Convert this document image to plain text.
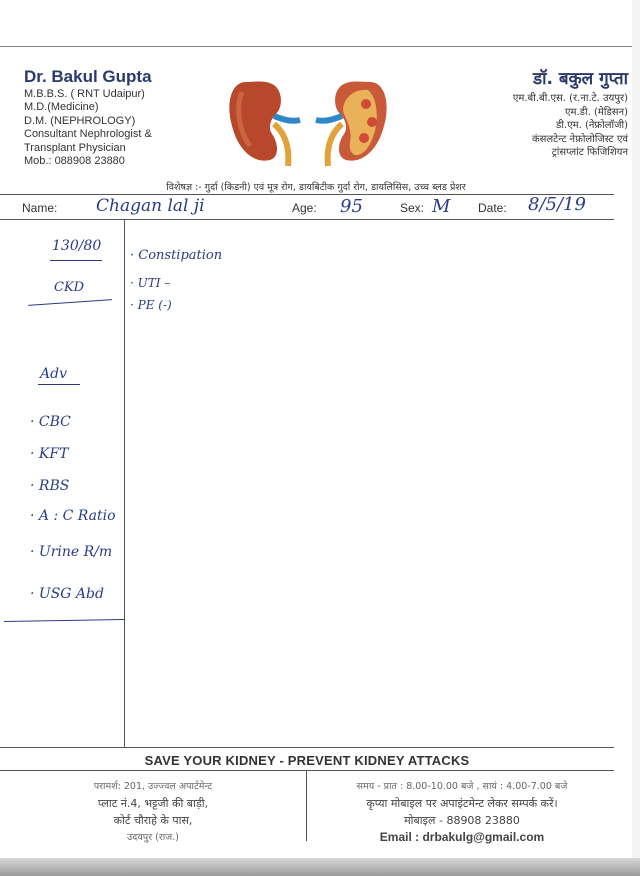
Dr. Bakul Gupta
M.B.B.S. ( RNT Udaipur)
M.D.(Medicine)
D.M. (NEPHROLOGY)
Consultant Nephrologist &
Transplant Physician
Mob.: 088908 23880
डॉ. बकुल गुप्ता
एम.बी.बी.एस. (र.ना.टे. उयपुर)
एम.डी. (मेडिसन)
डी.एम. (नेफ्रोलॉजी)
कंसलटेन्ट नेफ्रोलोजिस्ट एवं
ट्रांसप्लांट फिजिशियन
विशेषज्ञ :- गुर्दा (किडनी) एवं मूत्र रोग, डायबिटीक गुर्दा रोग, डायलिसिस, उच्च ब्लड प्रेशर
Name: Chagan lal ji	Age: 95	Sex: M Date: 8/5/19
130/80
CKD
Adv
· CBC
· KFT
· RBS
· A : C Ratio
· Urine R/m
· USG Abd
· Constipation
· UTI –
· PE (-)
SAVE YOUR KIDNEY - PREVENT KIDNEY ATTACKS
परामर्श: 201, उज्ज्वल अपार्टमेन्ट
प्लाट नं.4, भट्टजी की बाड़ी,
कोर्ट चौराहे के पास,
उदयपुर (राज.)
समय - प्रात : 8.00-10.00 बजे , सायं : 4.00-7.00 बजे
कृप्या मोबाइल पर अपाइंटमेन्ट लेकर सम्पर्क करें।
मोबाइल - 88908 23880
Email : drbakulg@gmail.com
